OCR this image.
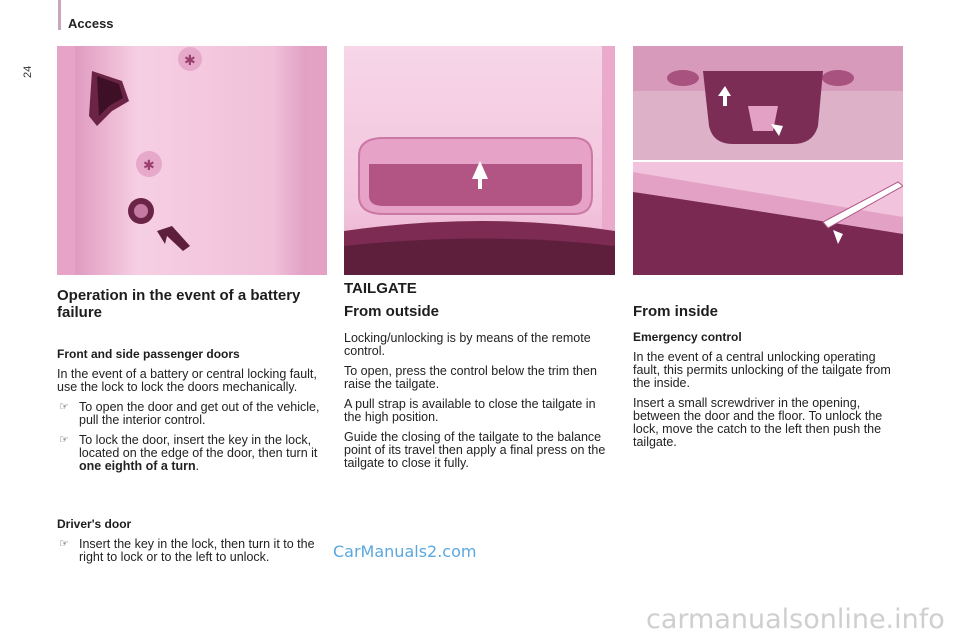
24
Access
✱
✱
Operation in the event of a battery failure
Front and side passenger doors

In the event of a battery or central locking fault, use the lock to lock the doors mechanically.

☞ To open the door and get out of the vehicle, pull the interior control.
☞ To lock the door, insert the key in the lock, located on the edge of the door, then turn it one eighth of a turn.
Driver's door
☞ Insert the key in the lock, then turn it to the right to lock or to the left to unlock.
TAILGATE
From outside

Locking/unlocking is by means of the remote control.

To open, press the control below the trim then raise the tailgate.

A pull strap is available to close the tailgate in the high position.

Guide the closing of the tailgate to the balance point of its travel then apply a final press on the tailgate to close it fully.

From inside
Emergency control

In the event of a central unlocking operating fault, this permits unlocking of the tailgate from the inside.

Insert a small screwdriver in the opening, between the door and the floor. To unlock the lock, move the catch to the left then push the tailgate.

CarManuals2.com
carmanualsonline.info
